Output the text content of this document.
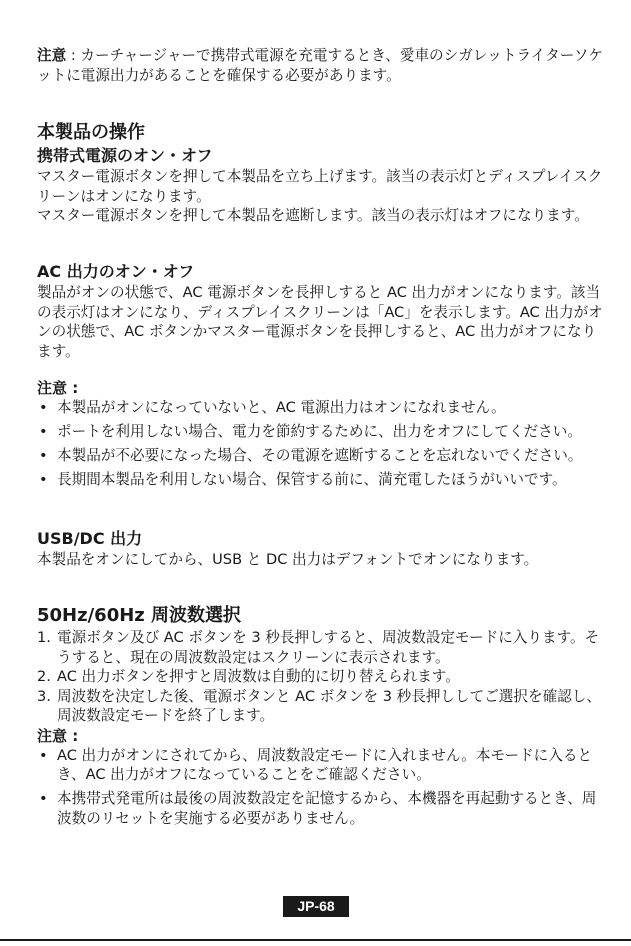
注意 : カーチャージャーで携帯式電源を充電するとき、愛車のシガレットライターソケットに電源出力があることを確保する必要があります。

本製品の操作
携帯式電源のオン・オフ

マスター電源ボタンを押して本製品を立ち上げます。該当の表示灯とディスプレイスクリーンはオンになります。

マスター電源ボタンを押して本製品を遮断します。該当の表示灯はオフになります。

AC 出力のオン・オフ

製品がオンの状態で、AC 電源ボタンを長押しすると AC 出力がオンになります。該当の表示灯はオンになり、ディスプレイスクリーンは「AC」を表示します。AC 出力がオンの状態で、AC ボタンかマスター電源ボタンを長押しすると、AC 出力がオフになります。

注意 :
• 本製品がオンになっていないと、AC 電源出力はオンになれません。
• ポートを利用しない場合、電力を節約するために、出力をオフにしてください。
• 本製品が不必要になった場合、その電源を遮断することを忘れないでください。
• 長期間本製品を利用しない場合、保管する前に、満充電したほうがいいです。
USB/DC 出力

本製品をオンにしてから、USB と DC 出力はデフォントでオンになります。

50Hz/60Hz 周波数選択
1. 電源ボタン及び AC ボタンを 3 秒長押しすると、周波数設定モードに入ります。そうすると、現在の周波数設定はスクリーンに表示されます。
2. AC 出力ボタンを押すと周波数は自動的に切り替えられます。
3. 周波数を決定した後、電源ボタンと AC ボタンを 3 秒長押ししてご選択を確認し、周波数設定モードを終了します。
注意 :
• AC 出力がオンにされてから、周波数設定モードに入れません。本モードに入るとき、AC 出力がオフになっていることをご確認ください。
• 本携帯式発電所は最後の周波数設定を記憶するから、本機器を再起動するとき、周波数のリセットを実施する必要がありません。
JP-68
